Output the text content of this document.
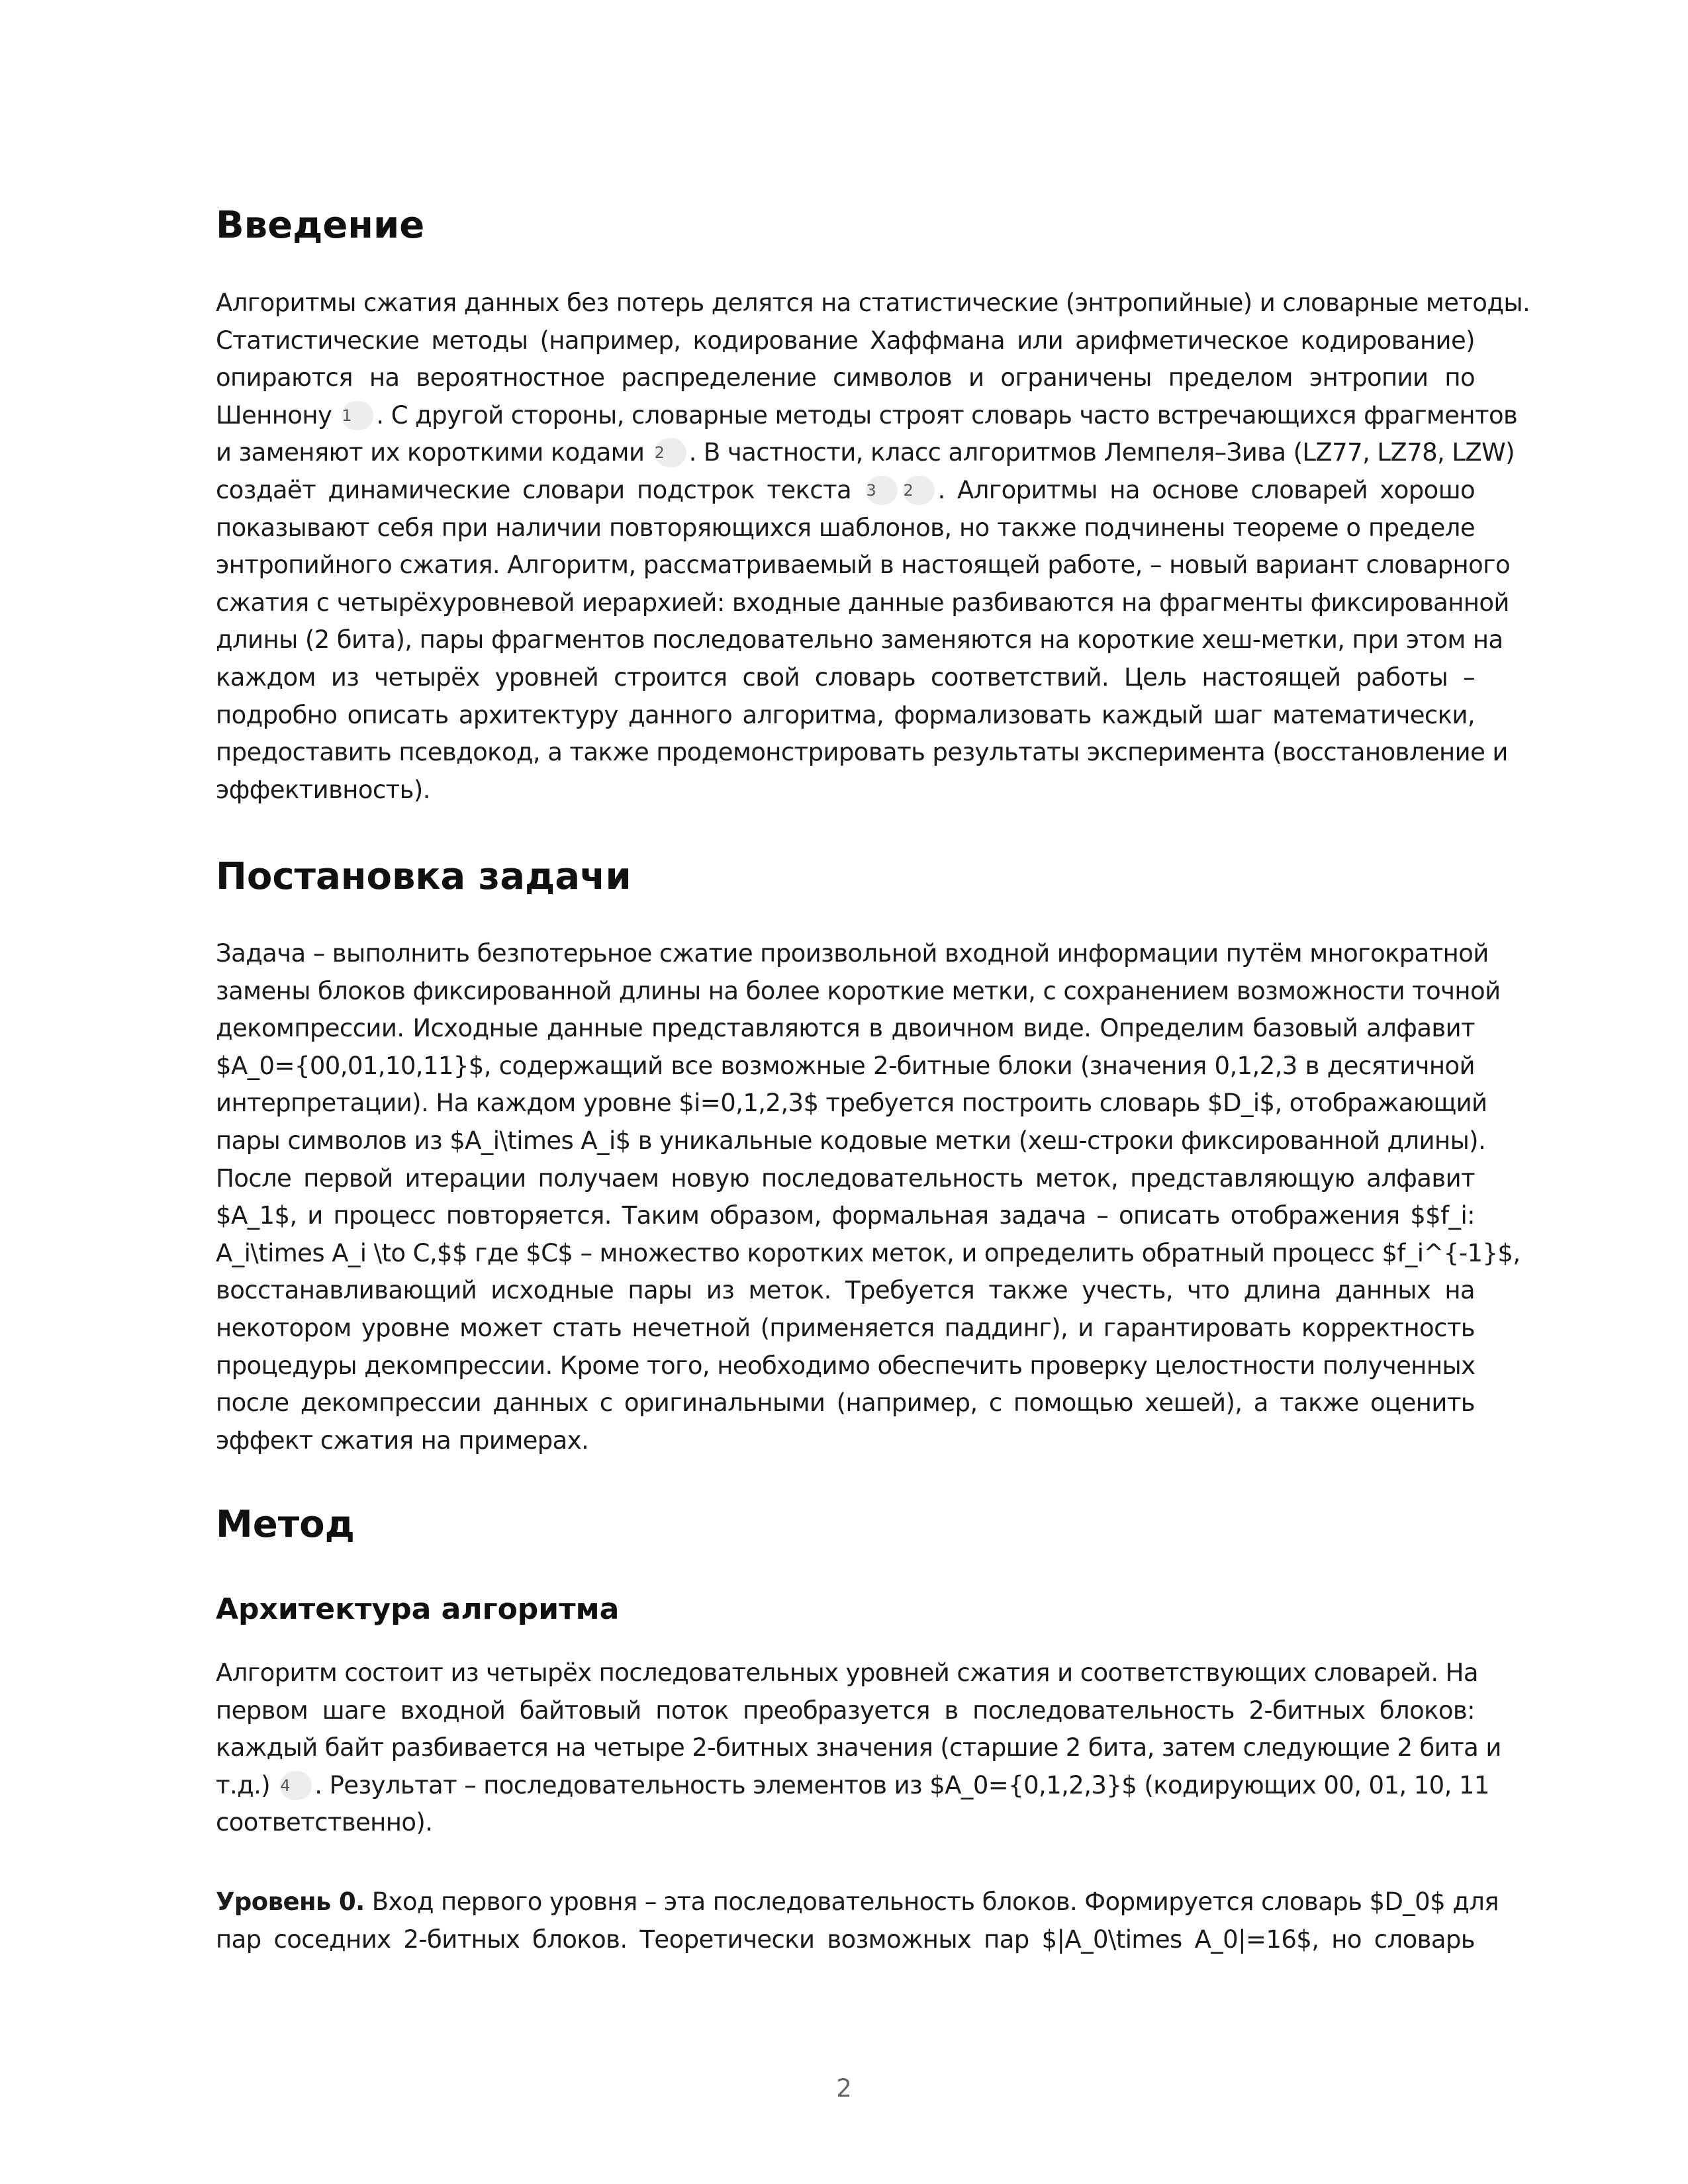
Введение
Алгоритмы сжатия данных без потерь делятся на статистические (энтропийные) и словарные методы.
Статистические методы (например, кодирование Хаффмана или арифметическое кодирование)
опираются на вероятностное распределение символов и ограничены пределом энтропии по
Шеннону 1 . С другой стороны, словарные методы строят словарь часто встречающихся фрагментов
и заменяют их короткими кодами 2 . В частности, класс алгоритмов Лемпеля–Зива (LZ77, LZ78, LZW)
создаёт динамические словари подстрок текста 3 2 . Алгоритмы на основе словарей хорошо
показывают себя при наличии повторяющихся шаблонов, но также подчинены теореме о пределе
энтропийного сжатия. Алгоритм, рассматриваемый в настоящей работе, – новый вариант словарного
сжатия с четырёхуровневой иерархией: входные данные разбиваются на фрагменты фиксированной
длины (2 бита), пары фрагментов последовательно заменяются на короткие хеш-метки, при этом на
каждом из четырёх уровней строится свой словарь соответствий. Цель настоящей работы –
подробно описать архитектуру данного алгоритма, формализовать каждый шаг математически,
предоставить псевдокод, а также продемонстрировать результаты эксперимента (восстановление и
эффективность).
Постановка задачи
Задача – выполнить безпотерьное сжатие произвольной входной информации путём многократной
замены блоков фиксированной длины на более короткие метки, с сохранением возможности точной
декомпрессии. Исходные данные представляются в двоичном виде. Определим базовый алфавит
$A_0={00,01,10,11}$, содержащий все возможные 2-битные блоки (значения 0,1,2,3 в десятичной
интерпретации). На каждом уровне $i=0,1,2,3$ требуется построить словарь $D_i$, отображающий
пары символов из $A_i\times A_i$ в уникальные кодовые метки (хеш-строки фиксированной длины).
После первой итерации получаем новую последовательность меток, представляющую алфавит
$A_1$, и процесс повторяется. Таким образом, формальная задача – описать отображения $$f_i:
A_i\times A_i \to C,$$ где $C$ – множество коротких меток, и определить обратный процесс $f_i^{-1}$,
восстанавливающий исходные пары из меток. Требуется также учесть, что длина данных на
некотором уровне может стать нечетной (применяется паддинг), и гарантировать корректность
процедуры декомпрессии. Кроме того, необходимо обеспечить проверку целостности полученных
после декомпрессии данных с оригинальными (например, с помощью хешей), а также оценить
эффект сжатия на примерах.
Метод
Архитектура алгоритма
Алгоритм состоит из четырёх последовательных уровней сжатия и соответствующих словарей. На
первом шаге входной байтовый поток преобразуется в последовательность 2-битных блоков:
каждый байт разбивается на четыре 2-битных значения (старшие 2 бита, затем следующие 2 бита и
т.д.) 4 . Результат – последовательность элементов из $A_0={0,1,2,3}$ (кодирующих 00, 01, 10, 11
соответственно).
Уровень 0. Вход первого уровня – эта последовательность блоков. Формируется словарь $D_0$ для
пар соседних 2-битных блоков. Теоретически возможных пар $|A_0\times A_0|=16$, но словарь
2
